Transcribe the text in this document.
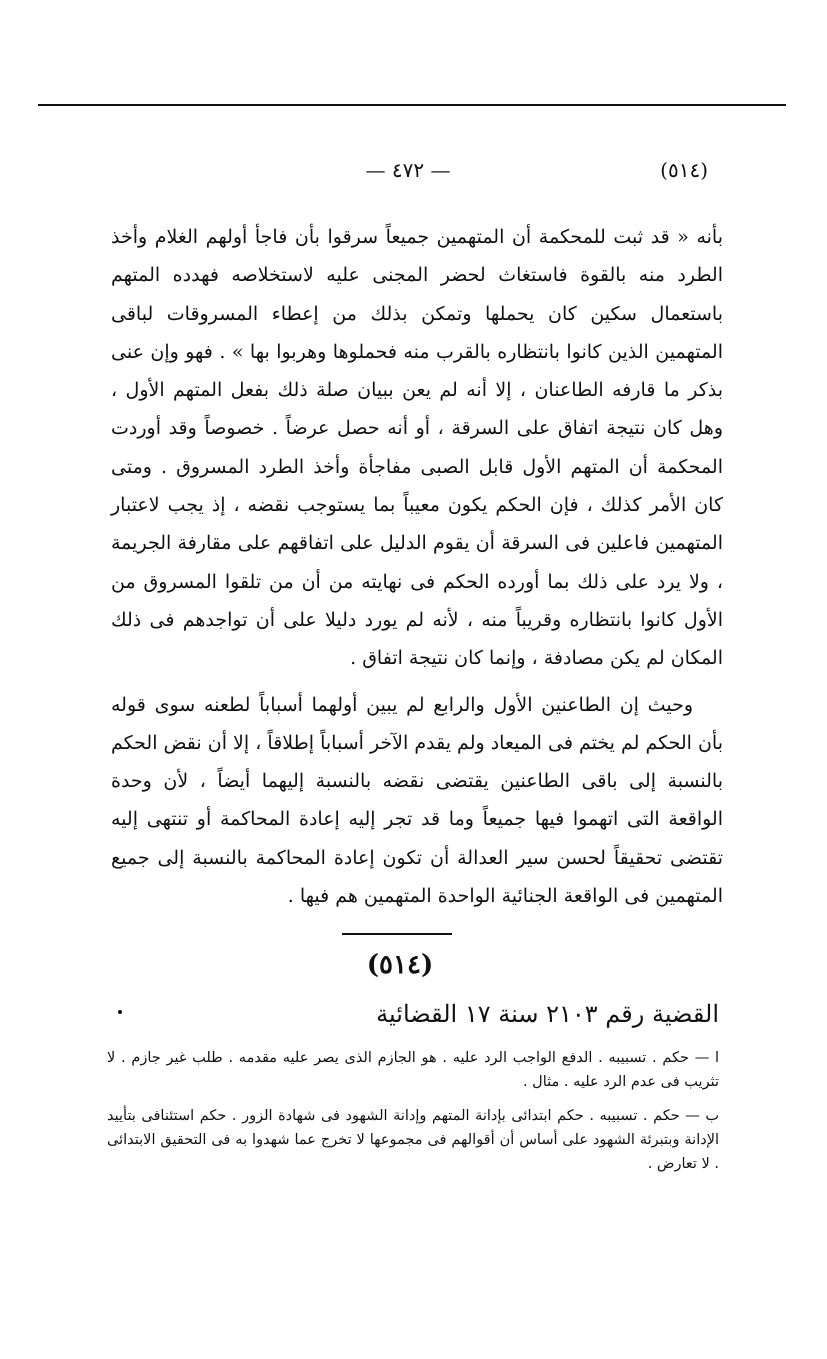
— ٤٧٢ —	(٥١٤)

بأنه « قد ثبت للمحكمة أن المتهمين جميعاً سرقوا بأن فاجأ أولهم الغلام وأخذ الطرد منه بالقوة فاستغاث لحضر المجنى عليه لاستخلاصه فهدده المتهم باستعمال سكين كان يحملها وتمكن بذلك من إعطاء المسروقات لباقى المتهمين الذين كانوا بانتظاره بالقرب منه فحملوها وهربوا بها » . فهو وإن عنى بذكر ما قارفه الطاعنان ، إلا أنه لم يعن ببيان صلة ذلك بفعل المتهم الأول ، وهل كان نتيجة اتفاق على السرقة ، أو أنه حصل عرضاً . خصوصاً وقد أوردت المحكمة أن المتهم الأول قابل الصبى مفاجأة وأخذ الطرد المسروق . ومتى كان الأمر كذلك ، فإن الحكم يكون معيباً بما يستوجب نقضه ، إذ يجب لاعتبار المتهمين فاعلين فى السرقة أن يقوم الدليل على اتفاقهم على مقارفة الجريمة ، ولا يرد على ذلك بما أورده الحكم فى نهايته من أن من تلقوا المسروق من الأول كانوا بانتظاره وقريباً منه ، لأنه لم يورد دليلا على أن تواجدهم فى ذلك المكان لم يكن مصادفة ، وإنما كان نتيجة اتفاق .

وحيث إن الطاعنين الأول والرابع لم يبين أولهما أسباباً لطعنه سوى قوله بأن الحكم لم يختم فى الميعاد ولم يقدم الآخر أسباباً إطلاقاً ، إلا أن نقض الحكم بالنسبة إلى باقى الطاعنين يقتضى نقضه بالنسبة إليهما أيضاً ، لأن وحدة الواقعة التى اتهموا فيها جميعاً وما قد تجر إليه إعادة المحاكمة أو تنتهى إليه تقتضى تحقيقاً لحسن سير العدالة أن تكون إعادة المحاكمة بالنسبة إلى جميع المتهمين فى الواقعة الجنائية الواحدة المتهمين هم فيها .

(٥١٤)
القضية رقم ٢١٠٣ سنة ١٧ القضائية

ا — حكم . تسبيبه . الدفع الواجب الرد عليه . هو الجازم الذى يصر عليه مقدمه . طلب غير جازم . لا تثريب فى عدم الرد عليه . مثال .

ب — حكم . تسبيبه . حكم ابتدائى بإدانة المتهم وإدانة الشهود فى شهادة الزور . حكم استئنافى بتأييد الإدانة وبتبرئة الشهود على أساس أن أقوالهم فى مجموعها لا تخرج عما شهدوا به فى التحقيق الابتدائى . لا تعارض .
